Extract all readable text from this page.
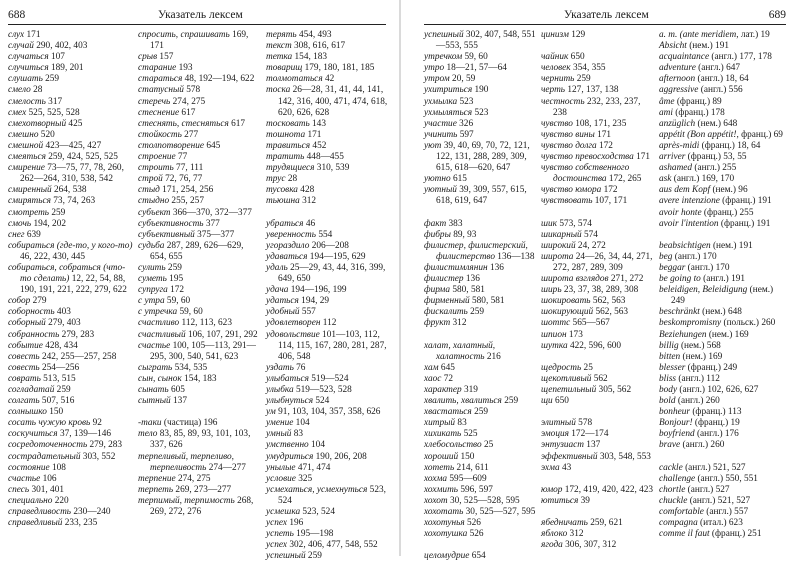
688	Указатель лексем
слух 171
случай 290, 402, 403
случаться 107
случиться 189, 201
слушать 259
смело 28
смелость 317
смех 525, 525, 528
смехотворный 425
смешно 520
смешной 423—425, 427
смеяться 259, 424, 525, 525
смирение 73—75, 77, 78, 260, 262—264, 310, 538, 542
смиренный 264, 538
смиряться 73, 74, 263
смотреть 259
смочь 194, 202
снег 639
собираться (где-то, у кого-то) 46, 222, 430, 445
собираться, собраться (что-то сделать) 12, 22, 54, 88, 190, 191, 221, 222, 279, 622
собор 279
соборность 403
соборный 279, 403
собранность 279, 283
событие 428, 434
совесть 242, 255—257, 258
совесть 254—256
соврать 513, 515
согладатай 259
солгать 507, 516
солнышко 150
сосать чужую кровь 92
соскучиться 37, 139—146
сосредоточенность 279, 283
сострадательный 303, 552
состояние 108
счастье 106
спесь 301, 401
специально 220
справедливость 230—240
справедливый 233, 235
спросить, спрашивать 169, 171
срыв 157
старание 193
стараться 48, 192—194, 622
статусный 578
стеречь 274, 275
стеснение 617
стеснять, стесняться 617
стойкость 277
столпотворение 645
строение 77
строить 77, 111
строй 72, 76, 77
стыд 171, 254, 256
стыдно 255, 257
субъект 366—370, 372—377
субъективность 377
субъективный 375—377
судьба 287, 289, 626—629, 654, 655
сулить 259
суметь 195
супруга 172
с утра 59, 60
с утречка 59, 60
счастливо 112, 113, 623
счастливый 106, 107, 291, 292
счастье 100, 105—113, 291—295, 300, 540, 541, 623
сыграть 534, 535
сын, сынок 154, 183
сынать 605
сытный 137
-таки (частица) 196
тело 83, 85, 89, 93, 101, 103, 337, 626
терпеливый, терпеливо, терпеливость 274—277
терпение 274, 275
терпеть 269, 273—277
терпимый, терпимость 268, 269, 272, 276
терять 454, 493
текст 308, 616, 617
тетка 154, 183
товарищ 179, 180, 181, 185
толмотаться 42
тоска 26—28, 31, 41, 44, 141, 142, 316, 400, 471, 474, 618, 620, 626, 628
тосковать 143
тошнота 171
травиться 452
тратить 448—455
трудящиеся 310, 539
трус 28
тусовка 428
тьюшна 312
убраться 46
уверенность 554
угораздило 206—208
удаваться 194—195, 629
удаль 25—29, 43, 44, 316, 399, 649, 650
удача 194—196, 199
удаться 194, 29
удобный 557
удовлетворен 112
удовольствие 101—103, 112, 114, 115, 167, 280, 281, 287, 406, 548
уздать 76
улыбаться 519—524
улыбка 519—523, 528
улыбнуться 524
ум 91, 103, 104, 357, 358, 626
умение 104
умный 83
умственно 104
умудриться 190, 206, 208
унылые 471, 474
условие 325
усмехаться, усмехнуться 523, 524
усмешка 523, 524
успех 196
успеть 195—198
успех 302, 406, 477, 548, 552
успешный 259
Указатель лексем	689
успешный 302, 407, 548, 551—553, 555
утречком 59, 60
утро 18—21, 57—64
утром 20, 59
ухитриться 190
ухмылка 523
ухмыляться 523
участие 326
учинить 597
уют 39, 40, 69, 70, 72, 121, 122, 131, 288, 289, 309, 615, 618—620, 647
уютно 615
уютный 39, 309, 557, 615, 618, 619, 647
факт 383
фибры 89, 93
филистер, филистерский, филистерство 136—138
филистимлянин 136
филистер 136
фирма 580, 581
фирменный 580, 581
фискалить 259
фрукт 312
халат, халатный, халатность 216
хам 645
хаос 72
характер 319
хвалить, хвалиться 259
хвастаться 259
хитрый 83
хихикать 525
хлебосольство 25
хороший 150
хотеть 214, 611
хохма 595—609
хохмить 596, 597
хохот 30, 525—528, 595
хохотать 30, 525—527, 595
хохотунья 526
хохотушка 526
целомудрие 654
цинизм 129
чайник 650
человек 354, 355
чернить 259
черть 127, 137, 138
честность 232, 233, 237, 238
чувство 108, 171, 235
чувство вины 171
чувство долга 172
чувство превосходства 171
чувство собственного достоинства 172, 265
чувство юмора 172
чувствовать 107, 171
шик 573, 574
шикарный 574
широкий 24, 272
широта 24—26, 34, 44, 271, 272, 287, 289, 309
широта взглядов 271, 272
ширь 23, 37, 38, 289, 308
шокировать 562, 563
шокирующий 562, 563
шоттс 565—567
шпион 173
шутка 422, 596, 600
щедрость 25
щекотливый 562
щепетильный 305, 562
щи 650
элитный 578
эмоция 172—174
энтузиаст 137
эффективный 303, 548, 553
эхма 43
юмор 172, 419, 420, 422, 423
ютиться 39
ябедничать 259, 621
яблоко 312
ягода 306, 307, 312
a. m. (ante meridiem, лат.) 19
Absicht (нем.) 191
acquaintance (англ.) 177, 178
adventure (англ.) 647
afternoon (англ.) 18, 64
aggressive (англ.) 556
âme (франц.) 89
ami (франц.) 178
anzüglich (нем.) 648
appétit (Bon appétit!, франц.) 69
après-midi (франц.) 18, 64
arriver (франц.) 53, 55
ashamed (англ.) 255
ask (англ.) 169, 170
aus dem Kopf (нем.) 96
avere intenzione (франц.) 191
avoir honte (франц.) 255
avoir l'intention (франц.) 191
beabsichtigen (нем.) 191
beg (англ.) 170
beggar (англ.) 170
be going to (англ.) 191
beleidigen, Beleidigung (нем.) 249
beschränkt (нем.) 648
beskompromisny (польск.) 260
Beziehungen (нем.) 169
billig (нем.) 568
bitten (нем.) 169
blesser (франц.) 249
bliss (англ.) 112
body (англ.) 102, 626, 627
bold (англ.) 260
bonheur (франц.) 113
Bonjour! (франц.) 19
boyfriend (англ.) 176
brave (англ.) 260
cackle (англ.) 521, 527
challenge (англ.) 550, 551
chortle (англ.) 527
chuckle (англ.) 521, 527
comfortable (англ.) 557
compagna (итал.) 623
comme il faut (франц.) 251
